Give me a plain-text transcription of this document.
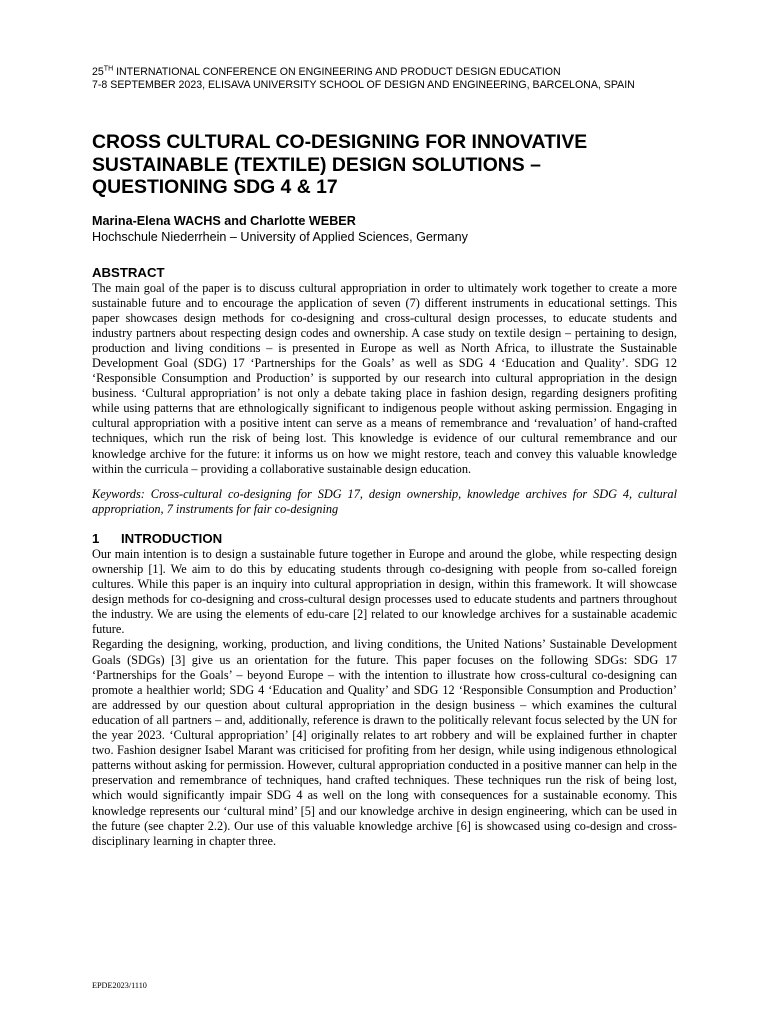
25TH INTERNATIONAL CONFERENCE ON ENGINEERING AND PRODUCT DESIGN EDUCATION
7-8 SEPTEMBER 2023, ELISAVA UNIVERSITY SCHOOL OF DESIGN AND ENGINEERING, BARCELONA, SPAIN
CROSS CULTURAL CO-DESIGNING FOR INNOVATIVE SUSTAINABLE (TEXTILE) DESIGN SOLUTIONS – QUESTIONING SDG 4 & 17
Marina-Elena WACHS and Charlotte WEBER
Hochschule Niederrhein – University of Applied Sciences, Germany
ABSTRACT

The main goal of the paper is to discuss cultural appropriation in order to ultimately work together to create a more sustainable future and to encourage the application of seven (7) different instruments in educational settings. This paper showcases design methods for co-designing and cross-cultural design processes, to educate students and industry partners about respecting design codes and ownership. A case study on textile design – pertaining to design, production and living conditions – is presented in Europe as well as North Africa, to illustrate the Sustainable Development Goal (SDG) 17 ‘Partnerships for the Goals’ as well as SDG 4 ‘Education and Quality’. SDG 12 ‘Responsible Consumption and Production’ is supported by our research into cultural appropriation in the design business. ‘Cultural appropriation’ is not only a debate taking place in fashion design, regarding designers profiting while using patterns that are ethnologically significant to indigenous people without asking permission. Engaging in cultural appropriation with a positive intent can serve as a means of remembrance and ‘revaluation’ of hand-crafted techniques, which run the risk of being lost. This knowledge is evidence of our cultural remembrance and our knowledge archive for the future: it informs us on how we might restore, teach and convey this valuable knowledge within the curricula – providing a collaborative sustainable design education.

Keywords: Cross-cultural co-designing for SDG 17, design ownership, knowledge archives for SDG 4, cultural appropriation, 7 instruments for fair co-designing
1 INTRODUCTION

Our main intention is to design a sustainable future together in Europe and around the globe, while respecting design ownership [1]. We aim to do this by educating students through co-designing with people from so-called foreign cultures. While this paper is an inquiry into cultural appropriation in design, within this framework. It will showcase design methods for co-designing and cross-cultural design processes used to educate students and partners throughout the industry. We are using the elements of edu-care [2] related to our knowledge archives for a sustainable academic future.

Regarding the designing, working, production, and living conditions, the United Nations’ Sustainable Development Goals (SDGs) [3] give us an orientation for the future. This paper focuses on the following SDGs: SDG 17 ‘Partnerships for the Goals’ – beyond Europe – with the intention to illustrate how cross-cultural co-designing can promote a healthier world; SDG 4 ‘Education and Quality’ and SDG 12 ‘Responsible Consumption and Production’ are addressed by our question about cultural appropriation in the design business – which examines the cultural education of all partners – and, additionally, reference is drawn to the politically relevant focus selected by the UN for the year 2023. ‘Cultural appropriation’ [4] originally relates to art robbery and will be explained further in chapter two. Fashion designer Isabel Marant was criticised for profiting from her design, while using indigenous ethnological patterns without asking for permission. However, cultural appropriation conducted in a positive manner can help in the preservation and remembrance of techniques, hand crafted techniques. These techniques run the risk of being lost, which would significantly impair SDG 4 as well on the long with consequences for a sustainable economy. This knowledge represents our ‘cultural mind’ [5] and our knowledge archive in design engineering, which can be used in the future (see chapter 2.2). Our use of this valuable knowledge archive [6] is showcased using co-design and cross-disciplinary learning in chapter three.

EPDE2023/1110
